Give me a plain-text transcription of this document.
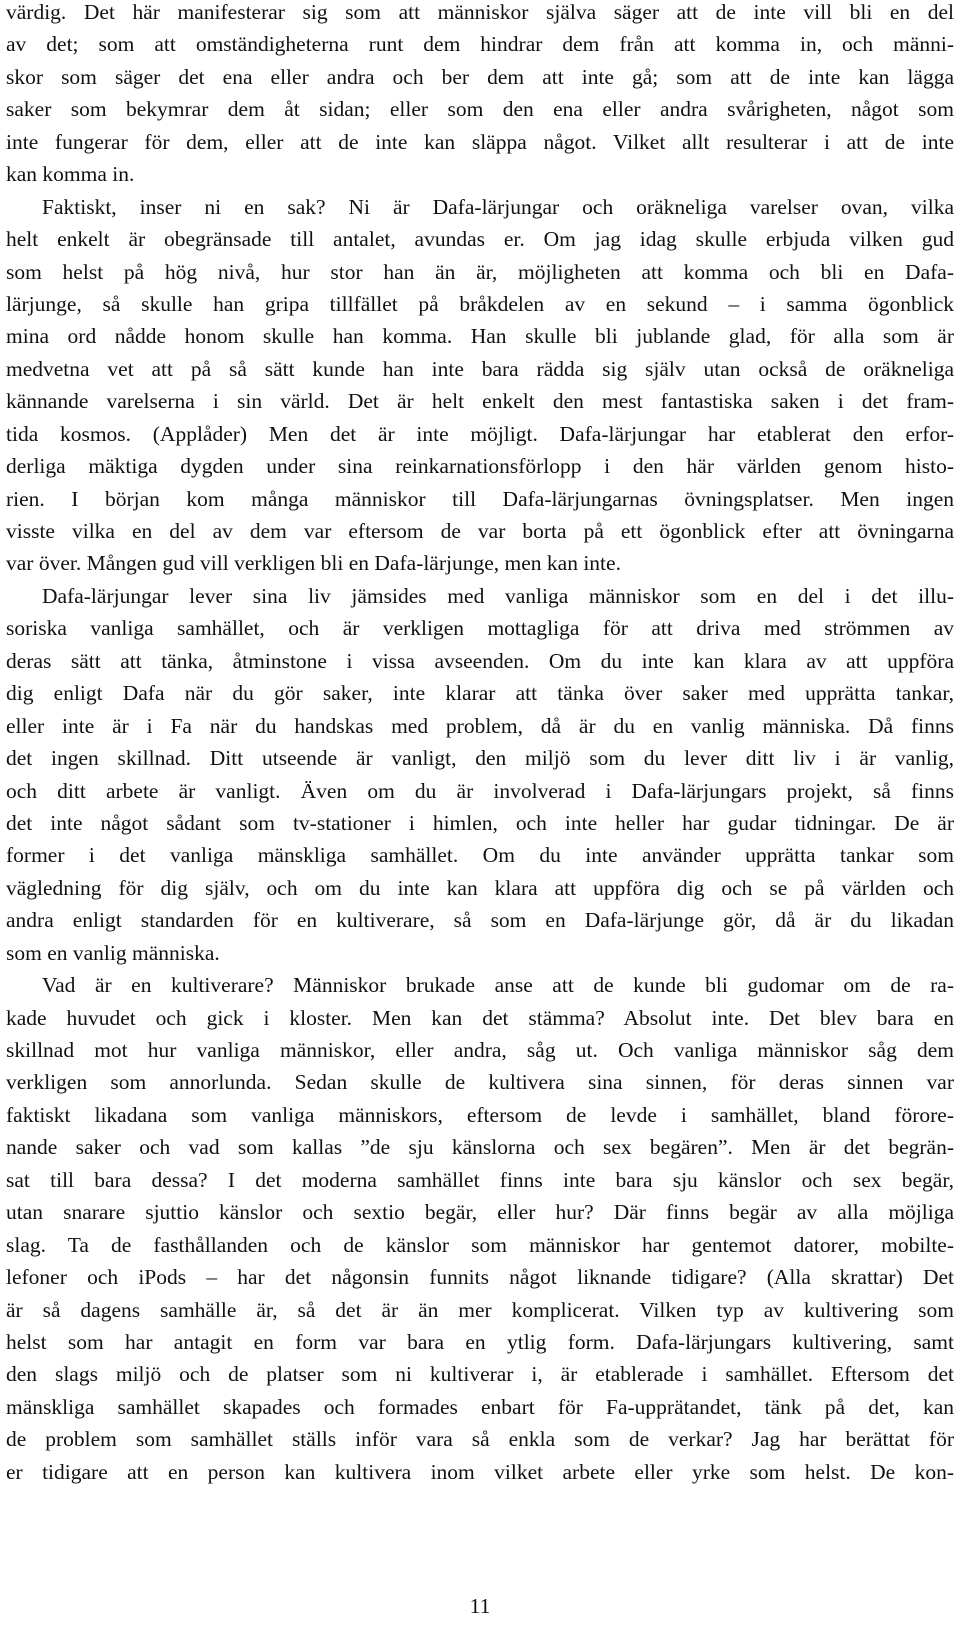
värdig. Det här manifesterar sig som att människor själva säger att de inte vill bli en del
av det; som att omständigheterna runt dem hindrar dem från att komma in, och männi-
skor som säger det ena eller andra och ber dem att inte gå; som att de inte kan lägga
saker som bekymrar dem åt sidan; eller som den ena eller andra svårigheten, något som
inte fungerar för dem, eller att de inte kan släppa något. Vilket allt resulterar i att de inte
kan komma in.
Faktiskt, inser ni en sak? Ni är Dafa-lärjungar och oräkneliga varelser ovan, vilka
helt enkelt är obegränsade till antalet, avundas er. Om jag idag skulle erbjuda vilken gud
som helst på hög nivå, hur stor han än är, möjligheten att komma och bli en Dafa-
lärjunge, så skulle han gripa tillfället på bråkdelen av en sekund – i samma ögonblick
mina ord nådde honom skulle han komma. Han skulle bli jublande glad, för alla som är
medvetna vet att på så sätt kunde han inte bara rädda sig själv utan också de oräkneliga
kännande varelserna i sin värld. Det är helt enkelt den mest fantastiska saken i det fram-
tida kosmos. (Applåder) Men det är inte möjligt. Dafa-lärjungar har etablerat den erfor-
derliga mäktiga dygden under sina reinkarnationsförlopp i den här världen genom histo-
rien. I början kom många människor till Dafa-lärjungarnas övningsplatser. Men ingen
visste vilka en del av dem var eftersom de var borta på ett ögonblick efter att övningarna
var över. Mången gud vill verkligen bli en Dafa-lärjunge, men kan inte.
Dafa-lärjungar lever sina liv jämsides med vanliga människor som en del i det illu-
soriska vanliga samhället, och är verkligen mottagliga för att driva med strömmen av
deras sätt att tänka, åtminstone i vissa avseenden. Om du inte kan klara av att uppföra
dig enligt Dafa när du gör saker, inte klarar att tänka över saker med upprätta tankar,
eller inte är i Fa när du handskas med problem, då är du en vanlig människa. Då finns
det ingen skillnad. Ditt utseende är vanligt, den miljö som du lever ditt liv i är vanlig,
och ditt arbete är vanligt. Även om du är involverad i Dafa-lärjungars projekt, så finns
det inte något sådant som tv-stationer i himlen, och inte heller har gudar tidningar. De är
former i det vanliga mänskliga samhället. Om du inte använder upprätta tankar som
vägledning för dig själv, och om du inte kan klara att uppföra dig och se på världen och
andra enligt standarden för en kultiverare, så som en Dafa-lärjunge gör, då är du likadan
som en vanlig människa.
Vad är en kultiverare? Människor brukade anse att de kunde bli gudomar om de ra-
kade huvudet och gick i kloster. Men kan det stämma? Absolut inte. Det blev bara en
skillnad mot hur vanliga människor, eller andra, såg ut. Och vanliga människor såg dem
verkligen som annorlunda. Sedan skulle de kultivera sina sinnen, för deras sinnen var
faktiskt likadana som vanliga människors, eftersom de levde i samhället, bland förore-
nande saker och vad som kallas ”de sju känslorna och sex begären”. Men är det begrän-
sat till bara dessa? I det moderna samhället finns inte bara sju känslor och sex begär,
utan snarare sjuttio känslor och sextio begär, eller hur? Där finns begär av alla möjliga
slag. Ta de fasthållanden och de känslor som människor har gentemot datorer, mobilte-
lefoner och iPods – har det någonsin funnits något liknande tidigare? (Alla skrattar) Det
är så dagens samhälle är, så det är än mer komplicerat. Vilken typ av kultivering som
helst som har antagit en form var bara en ytlig form. Dafa-lärjungars kultivering, samt
den slags miljö och de platser som ni kultiverar i, är etablerade i samhället. Eftersom det
mänskliga samhället skapades och formades enbart för Fa-upprätandet, tänk på det, kan
de problem som samhället ställs inför vara så enkla som de verkar? Jag har berättat för
er tidigare att en person kan kultivera inom vilket arbete eller yrke som helst. De kon-
11
